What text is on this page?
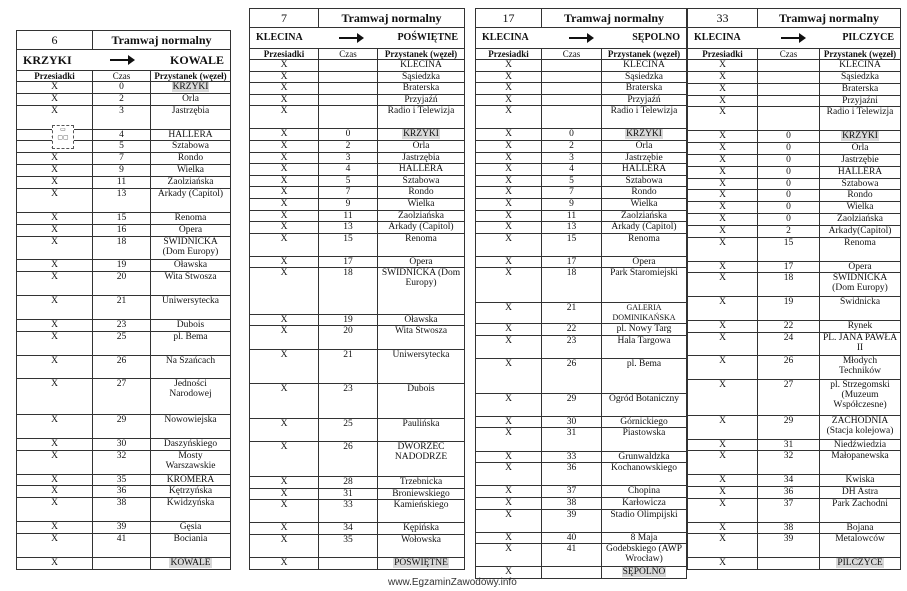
6	Tramwaj normalny	

KRZYKI KOWALE		

Przesiadki	Czas	Przystanek (węzeł)
X	0	KRZYKI
X	2	Orla
X	3	Jastrzębia
	4	HALLERA
	5	Sztabowa
X	7	Rondo
X	9	Wielka
X	11	Zaolziańska
X	13	Arkady (Capitol)
X	15	Renoma
X	16	Opera
X	18	ŚWIDNICKA (Dom Europy)
X	19	Oławska
X	20	Wita Stwosza
X	21	Uniwersytecka
X	23	Dubois
X	25	pl. Bema
X	26	Na Szańcach
X	27	Jedności Narodowej
X	29	Nowowiejska
X	30	Daszyńskiego
X	32	Mosty Warszawskie
X	35	KROMERA
X	36	Kętrzyńska
X	38	Kwidzyńska
X	39	Gęsia
X	41	Bocianiа
X		KOWALE
7	Tramwaj normalny	

KLECINA POŚWIĘTNE		

Przesiadki	Czas	Przystanek (węzeł)
X		KLECINA
X		Sąsiedzka
X		Braterska
X		Przyjaźń
X		Radio i Telewizja
X	0	KRZYKI
X	2	Orla
X	3	Jastrzębia
X	4	HALLERA
X	5	Sztabowa
X	7	Rondo
X	9	Wielka
X	11	Zaolziańska
X	13	Arkady (Capitol)
X	15	Renoma
X	17	Opera
X	18	ŚWIDNICKA (Dom Europy)
X	19	Oławska
X	20	Wita Stwosza
X	21	Uniwersytecka
X	23	Dubois
X	25	Paulińska
X	26	DWORZEC NADODRZE
X	28	Trzebnicka
X	31	Broniewskiego
X	33	Kamieńskiego
X	34	Kępińska
X	35	Wołowska
X		POŚWIĘTNE
17	Tramwaj normalny	

KLECINA SĘPOLNO		

Przesiadki	Czas	Przystanek (węzeł)
X		KLECINA
X		Sąsiedzka
X		Braterska
X		Przyjaźń
X		Radio i Telewizja
X	0	KRZYKI
X	2	Orla
X	3	Jastrzębie
X	4	HALLERA
X	5	Sztabowa
X	7	Rondo
X	9	Wielka
X	11	Zaolziańska
X	13	Arkady (Capitol)
X	15	Renoma
X	17	Opera
X	18	Park Staromiejski
X	21	GALERIA DOMINIKAŃSKA
X	22	pl. Nowy Targ
X	23	Hala Targowa
X	26	pl. Bema
X	29	Ogród Botaniczny
X	30	Górnickiego
X	31	Piastowska
X	33	Grunwaldzka
X	36	Kochanowskiego
X	37	Chopina
X	38	Karłowicza
X	39	Stadio Olimpijski
X	40	8 Maja
X	41	Godebskiego (AWP Wrocław)
X		SĘPOLNO
33	Tramwaj normalny	

KLECINA PILCZYCE		

Przesiadki	Czas	Przystanek (węzeł)
X		KLECINA
X		Sąsiedzka
X		Braterska
X		Przyjaźni
X		Radio i Telewizja
X	0	KRZYKI
X	0	Orla
X	0	Jastrzębie
X	0	HALLERA
X	0	Sztabowa
X	0	Rondo
X	0	Wielka
X	0	Zaolziańska
X	2	Arkady(Capitol)
X	15	Renoma
X	17	Opera
X	18	ŚWIDNICKA (Dom Europy)
X	19	Świdnicka
X	22	Rynek
X	24	PL. JANA PAWŁA II
X	26	Młodych Techników
X	27	pl. Strzegomski (Muzeum Współczesne)
X	29	ZACHODNIA (Stacja kolejowa)
X	31	Niedźwiedzia
X	32	Małopanewska
X	34	Kwiska
X	36	DH Astra
X	37	Park Zachodni
X	38	Bojana
X	39	Metalowców
X		PILCZYCE
▭
▢▢
www.EgzaminZawodowy.info
